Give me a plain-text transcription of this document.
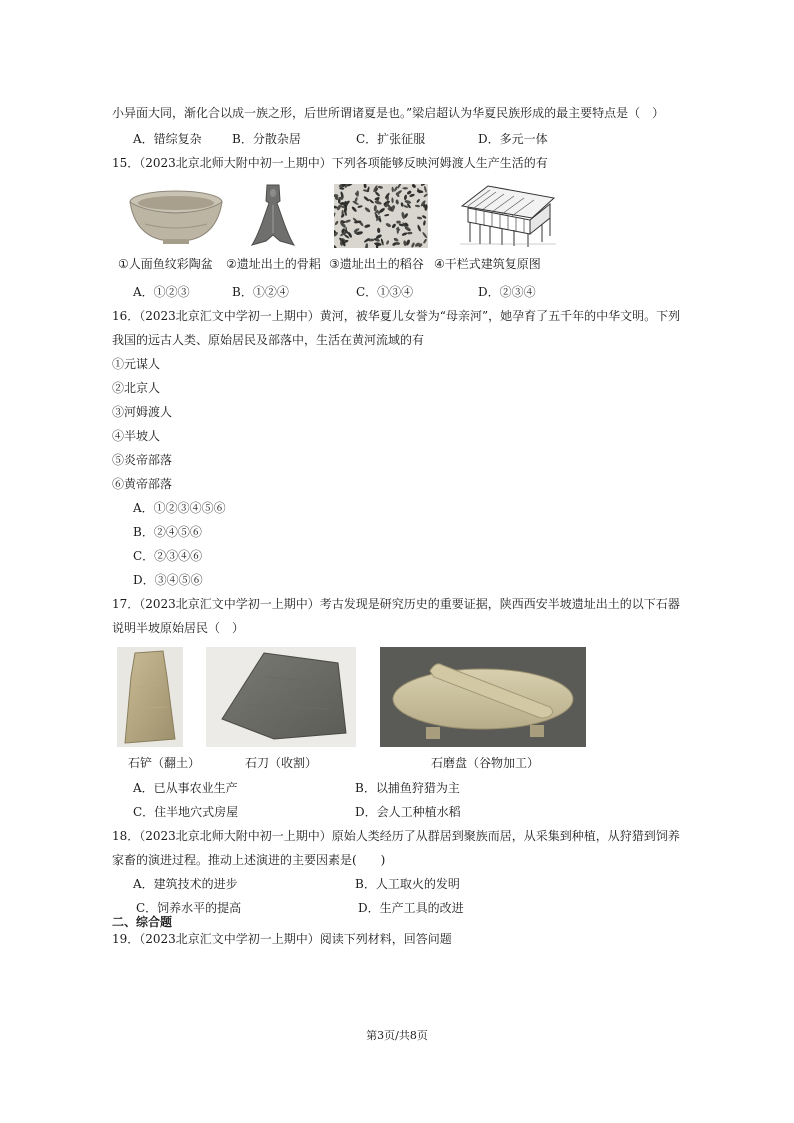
小异面大同，渐化合以成一族之形，后世所谓诸夏是也。”梁启超认为华夏民族形成的最主要特点是（　）
A．错综复杂	B．分散杂居	C．扩张征服	D．多元一体
15．（2023北京北师大附中初一上期中）下列各项能够反映河姆渡人生产生活的有
①人面鱼纹彩陶盆 ②遗址出土的骨耜 ③遗址出土的稻谷 ④干栏式建筑复原图
A．①②③	B．①②④	C．①③④	D．②③④
16．（2023北京汇文中学初一上期中）黄河，被华夏儿女誉为“母亲河”，她孕育了五千年的中华文明。下列
我国的远古人类、原始居民及部落中，生活在黄河流域的有
①元谋人
②北京人
③河姆渡人
④半坡人
⑤炎帝部落
⑥黄帝部落
A．①②③④⑤⑥
B．②④⑤⑥
C．②③④⑥
D．③④⑤⑥
17．（2023北京汇文中学初一上期中）考古发现是研究历史的重要证据，陕西西安半坡遗址出土的以下石器
说明半坡原始居民（　）
石铲（翻土）	石刀（收割）	石磨盘（谷物加工）
A．已从事农业生产	B．以捕鱼狩猎为主
C．住半地穴式房屋	D．会人工种植水稻
18．（2023北京北师大附中初一上期中）原始人类经历了从群居到聚族而居，从采集到种植，从狩猎到饲养
家畜的演进过程。推动上述演进的主要因素是(　　)
A．建筑技术的进步	B．人工取火的发明
C．饲养水平的提高	D．生产工具的改进
二、综合题
19．（2023北京汇文中学初一上期中）阅读下列材料，回答问题
第3页/共8页
